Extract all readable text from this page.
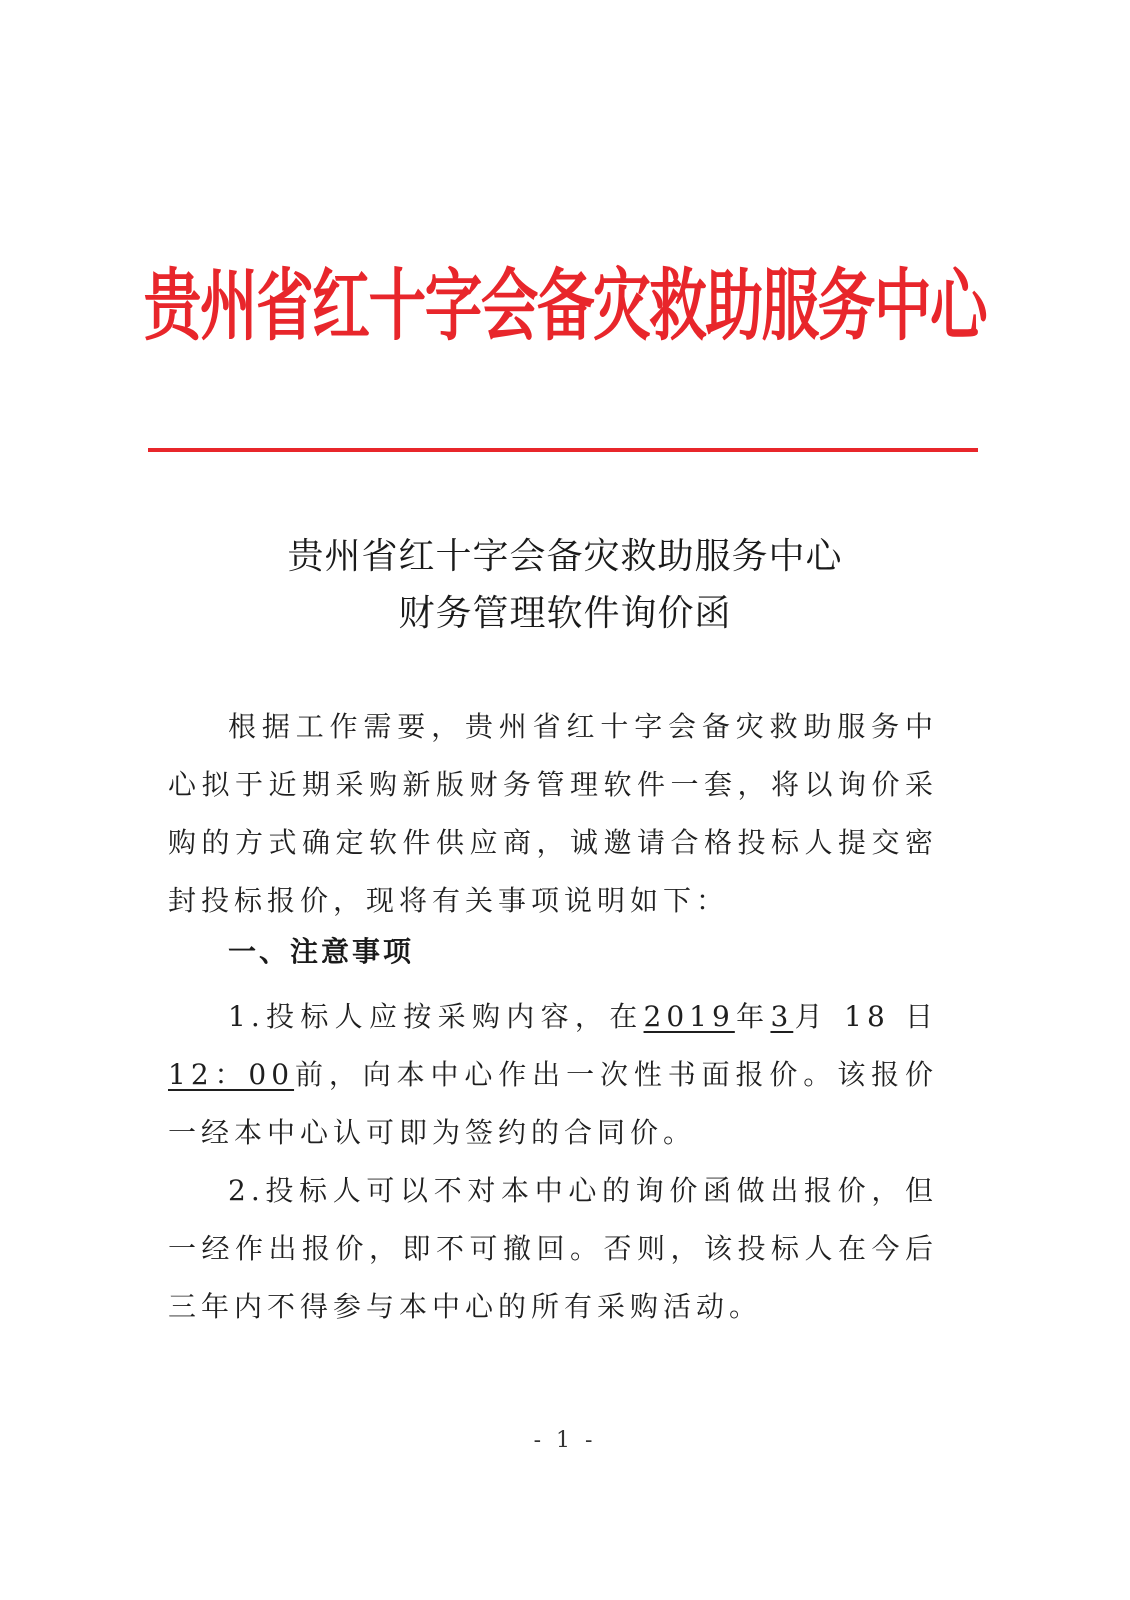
贵州省红十字会备灾救助服务中心
贵州省红十字会备灾救助服务中心
财务管理软件询价函
根据工作需要，贵州省红十字会备灾救助服务中心拟于近期采购新版财务管理软件一套，将以询价采购的方式确定软件供应商，诚邀请合格投标人提交密封投标报价，现将有关事项说明如下：
一、注意事项
1.投标人应按采购内容，在2019年3月 18 日 12：00前，向本中心作出一次性书面报价。该报价一经本中心认可即为签约的合同价。
2.投标人可以不对本中心的询价函做出报价，但一经作出报价，即不可撤回。否则，该投标人在今后三年内不得参与本中心的所有采购活动。
- 1 -
